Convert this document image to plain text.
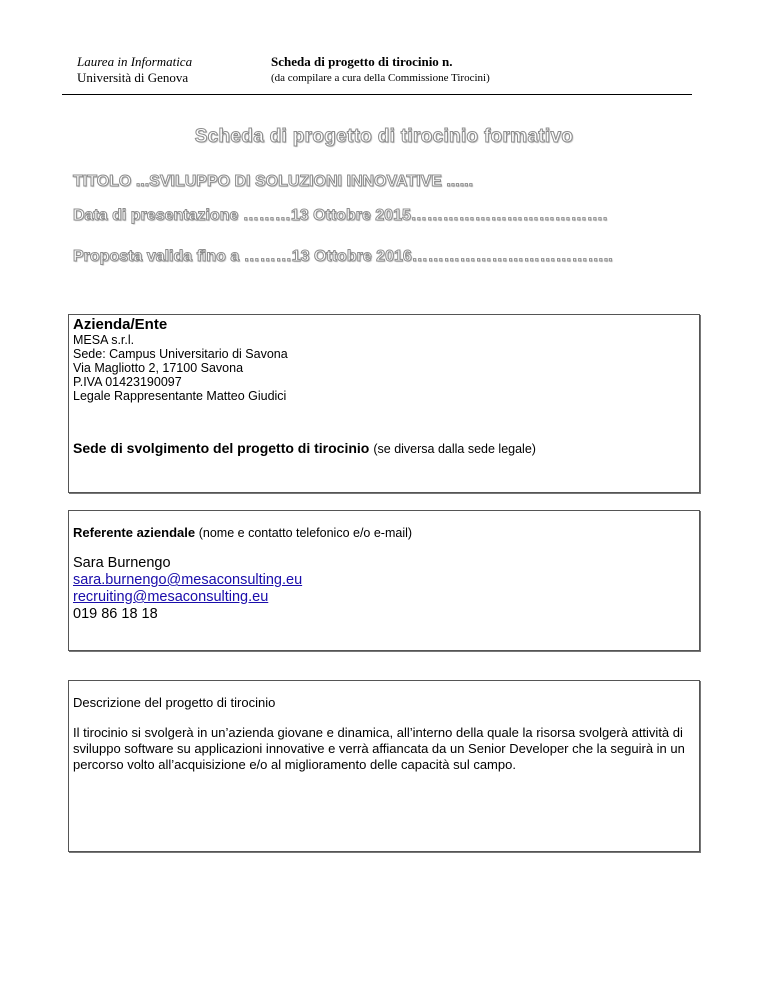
Laurea in Informatica
Università di Genova
Scheda di progetto di tirocinio n.
(da compilare a cura della Commissione Tirocini)
Scheda di progetto di tirocinio formativo
TITOLO ...SVILUPPO DI SOLUZIONI INNOVATIVE ......
Data di presentazione ………13 Ottobre 2015……………………………….
Proposta valida fino a ………13 Ottobre 2016………………………………..
Azienda/Ente
MESA s.r.l.
Sede: Campus Universitario di Savona
Via Magliotto 2, 17100 Savona
P.IVA 01423190097
Legale Rappresentante Matteo Giudici
Sede di svolgimento del progetto di tirocinio (se diversa dalla sede legale)
Referente aziendale (nome e contatto telefonico e/o e-mail)
Sara Burnengo
sara.burnengo@mesaconsulting.eu
recruiting@mesaconsulting.eu
019 86 18 18
Descrizione del progetto di tirocinio
Il tirocinio si svolgerà in un’azienda giovane e dinamica, all’interno della quale la risorsa svolgerà attività di sviluppo software su applicazioni innovative e verrà affiancata da un Senior Developer che la seguirà in un percorso volto all’acquisizione e/o al miglioramento delle capacità sul campo.
